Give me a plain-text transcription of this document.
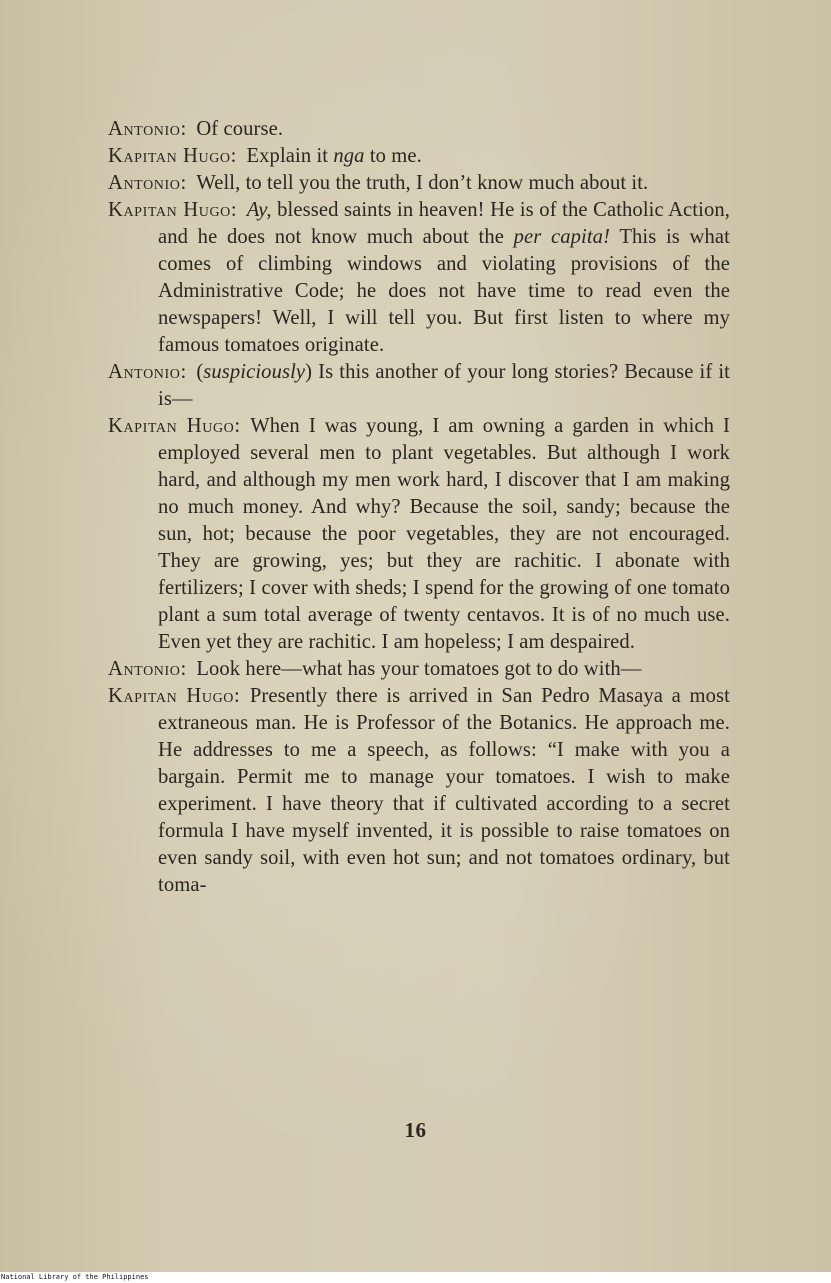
Antonio: Of course.

Kapitan Hugo: Explain it nga to me.

Antonio: Well, to tell you the truth, I don’t know much about it.

Kapitan Hugo: Ay, blessed saints in heaven! He is of the Catholic Action, and he does not know much about the per capita! This is what comes of climbing windows and violating provisions of the Administrative Code; he does not have time to read even the newspapers! Well, I will tell you. But first listen to where my famous tomatoes originate.

Antonio: (suspiciously) Is this another of your long stories? Because if it is—

Kapitan Hugo: When I was young, I am owning a garden in which I employed several men to plant vegetables. But although I work hard, and although my men work hard, I discover that I am making no much money. And why? Because the soil, sandy; because the sun, hot; because the poor vegetables, they are not encouraged. They are growing, yes; but they are rachitic. I abonate with fertilizers; I cover with sheds; I spend for the growing of one tomato plant a sum total average of twenty centavos. It is of no much use. Even yet they are rachitic. I am hopeless; I am despaired.

Antonio: Look here—what has your tomatoes got to do with—

Kapitan Hugo: Presently there is arrived in San Pedro Masaya a most extraneous man. He is Professor of the Botanics. He approach me. He addresses to me a speech, as follows: “I make with you a bargain. Permit me to manage your tomatoes. I wish to make experiment. I have theory that if cultivated according to a secret formula I have myself invented, it is possible to raise tomatoes on even sandy soil, with even hot sun; and not tomatoes ordinary, but toma-

16
National Library of the Philippines
